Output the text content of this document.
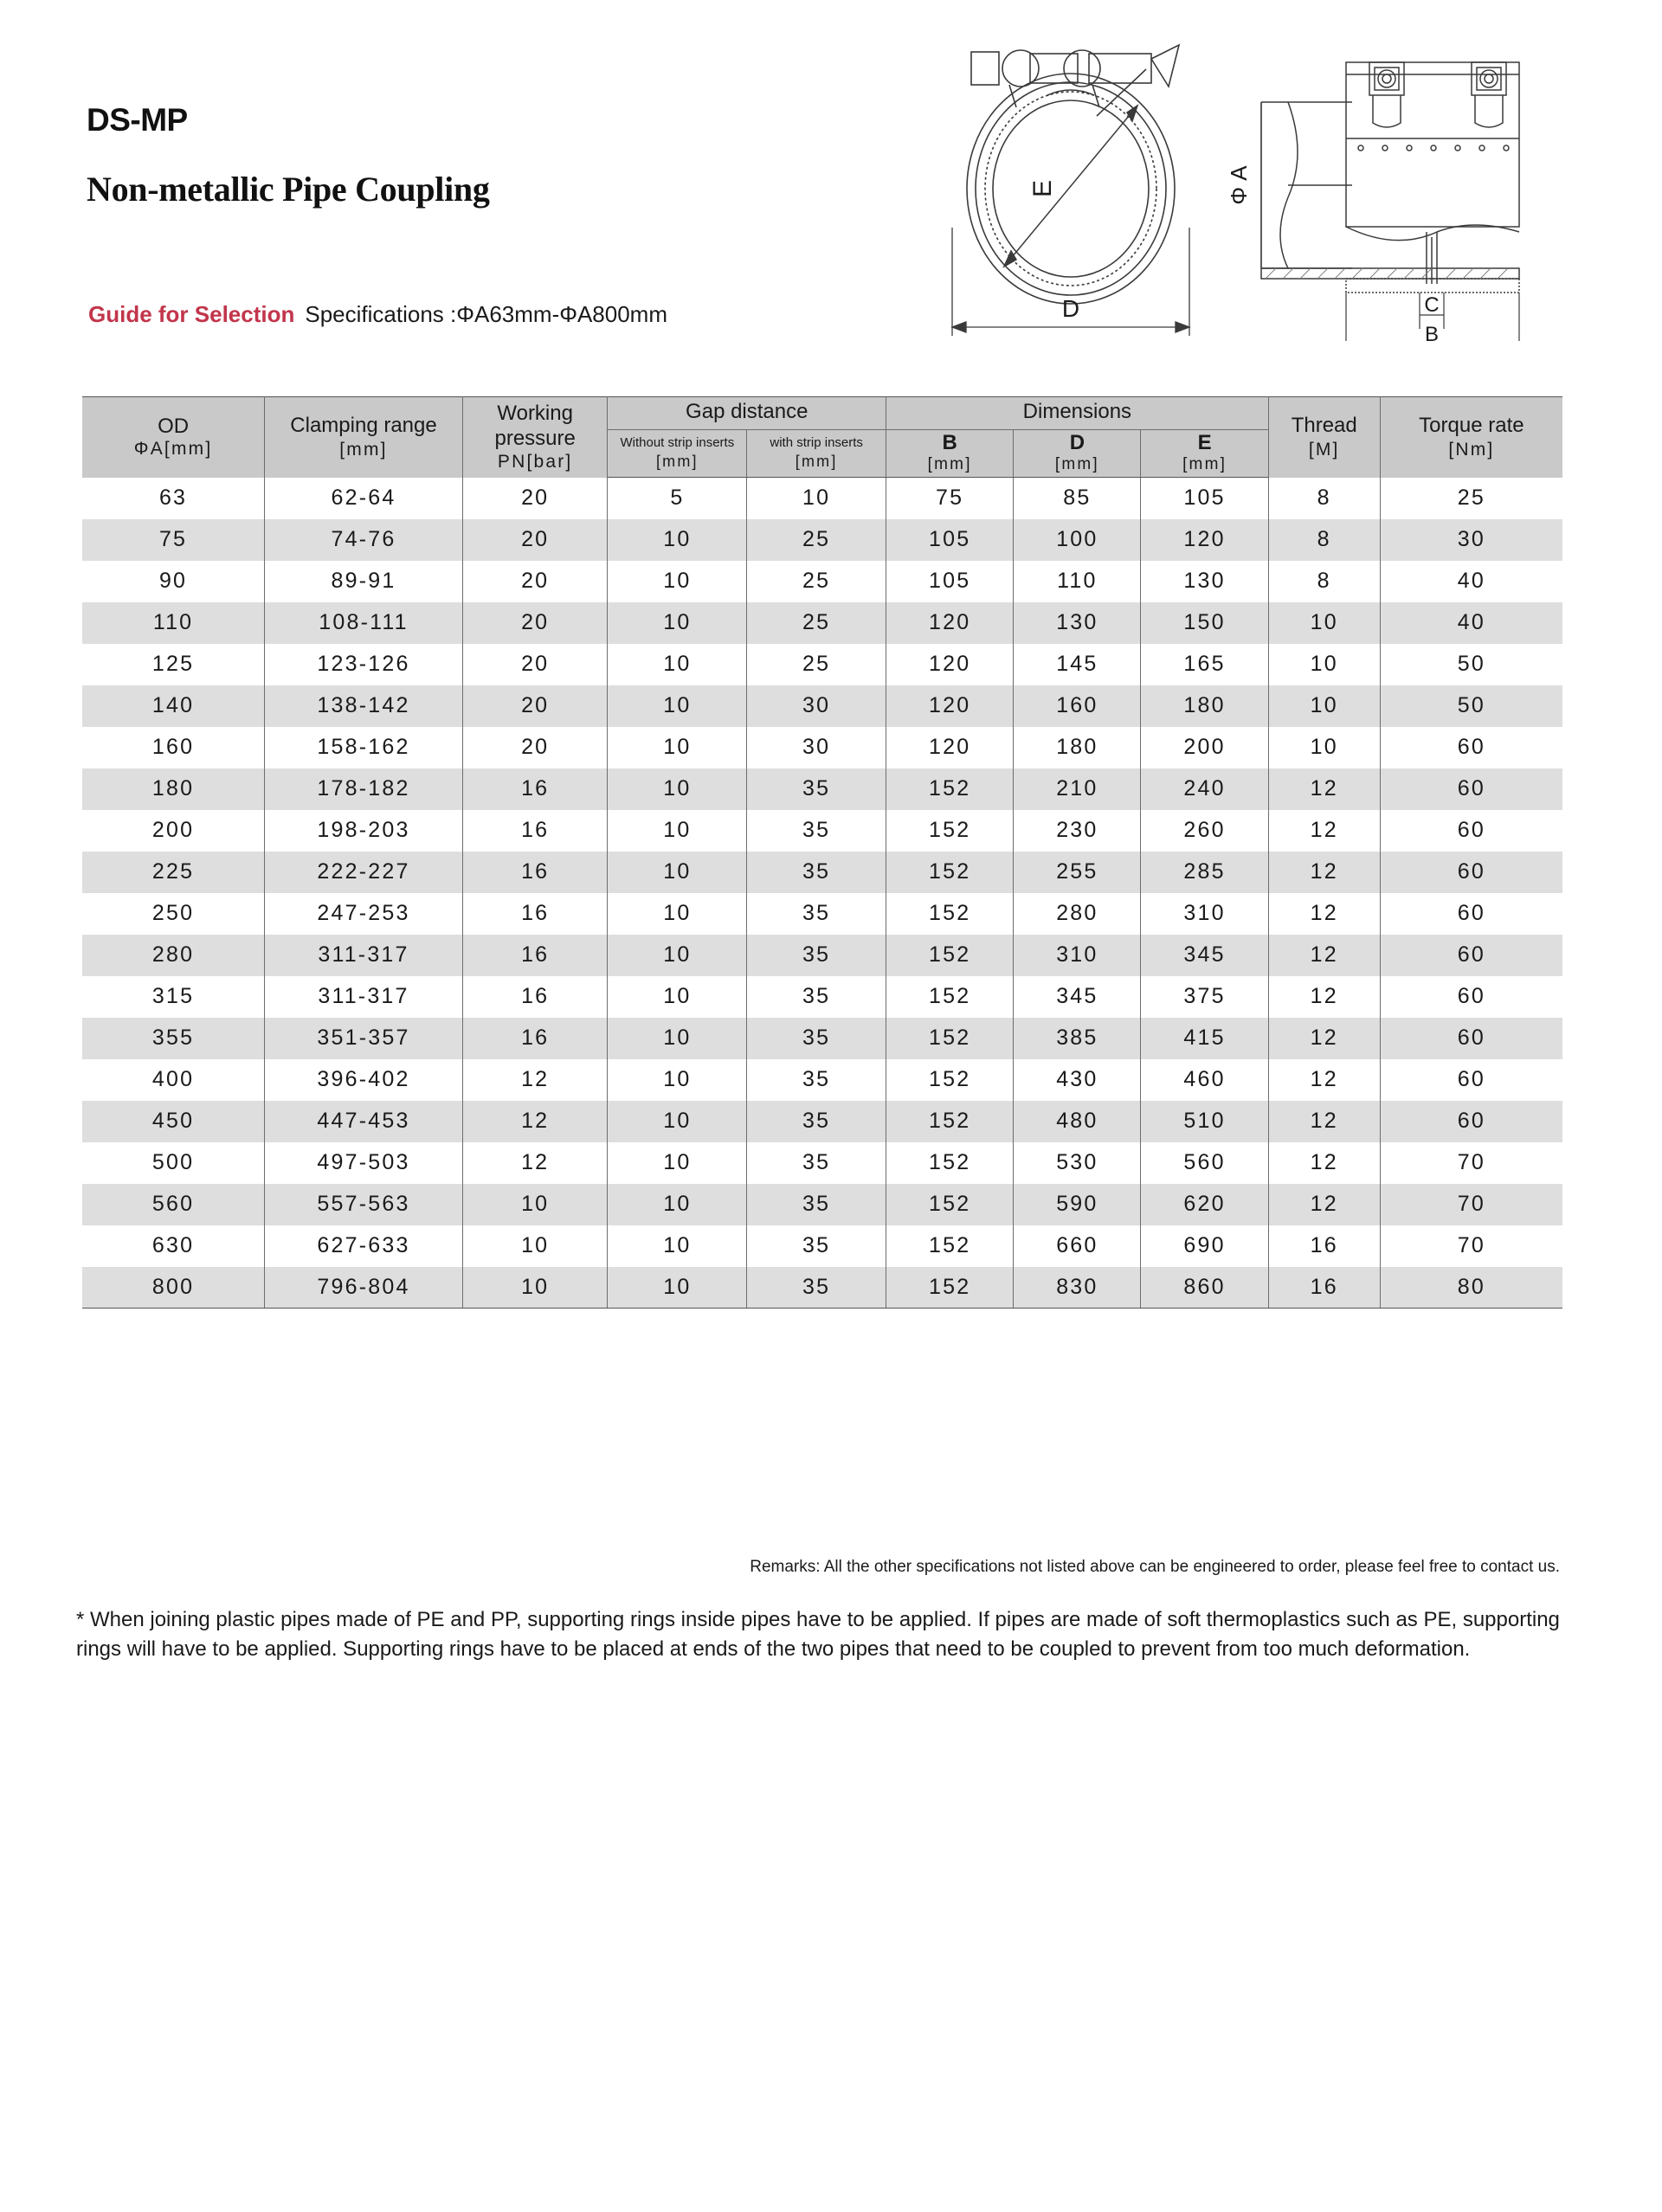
DS-MP
Non-metallic Pipe Coupling
Guide for Selection Specifications :ΦA63mm-ΦA800mm
E
D
Φ A
C
B
OD
ΦA[mm]	Clamping range
[mm]	Working
pressure
PN[bar]	Gap distance		Dimensions			Thread
[M]	Torque rate
[Nm]

			Without strip inserts
[mm]	with strip inserts
[mm]	B
[mm]	D
[mm]	E
[mm]		

63	62-64	20	5	10	75	85	105	8	25
75	74-76	20	10	25	105	100	120	8	30
90	89-91	20	10	25	105	110	130	8	40
110	108-111	20	10	25	120	130	150	10	40
125	123-126	20	10	25	120	145	165	10	50
140	138-142	20	10	30	120	160	180	10	50
160	158-162	20	10	30	120	180	200	10	60
180	178-182	16	10	35	152	210	240	12	60
200	198-203	16	10	35	152	230	260	12	60
225	222-227	16	10	35	152	255	285	12	60
250	247-253	16	10	35	152	280	310	12	60
280	311-317	16	10	35	152	310	345	12	60
315	311-317	16	10	35	152	345	375	12	60
355	351-357	16	10	35	152	385	415	12	60
400	396-402	12	10	35	152	430	460	12	60
450	447-453	12	10	35	152	480	510	12	60
500	497-503	12	10	35	152	530	560	12	70
560	557-563	10	10	35	152	590	620	12	70
630	627-633	10	10	35	152	660	690	16	70
800	796-804	10	10	35	152	830	860	16	80
Remarks: All the other specifications not listed above can be engineered to order, please feel free to contact us.
* When joining plastic pipes made of PE and PP, supporting rings inside pipes have to be applied. If pipes are made of soft thermoplastics such as PE, supporting rings will have to be applied. Supporting rings have to be placed at ends of the two pipes that need to be coupled to prevent from too much deformation.
